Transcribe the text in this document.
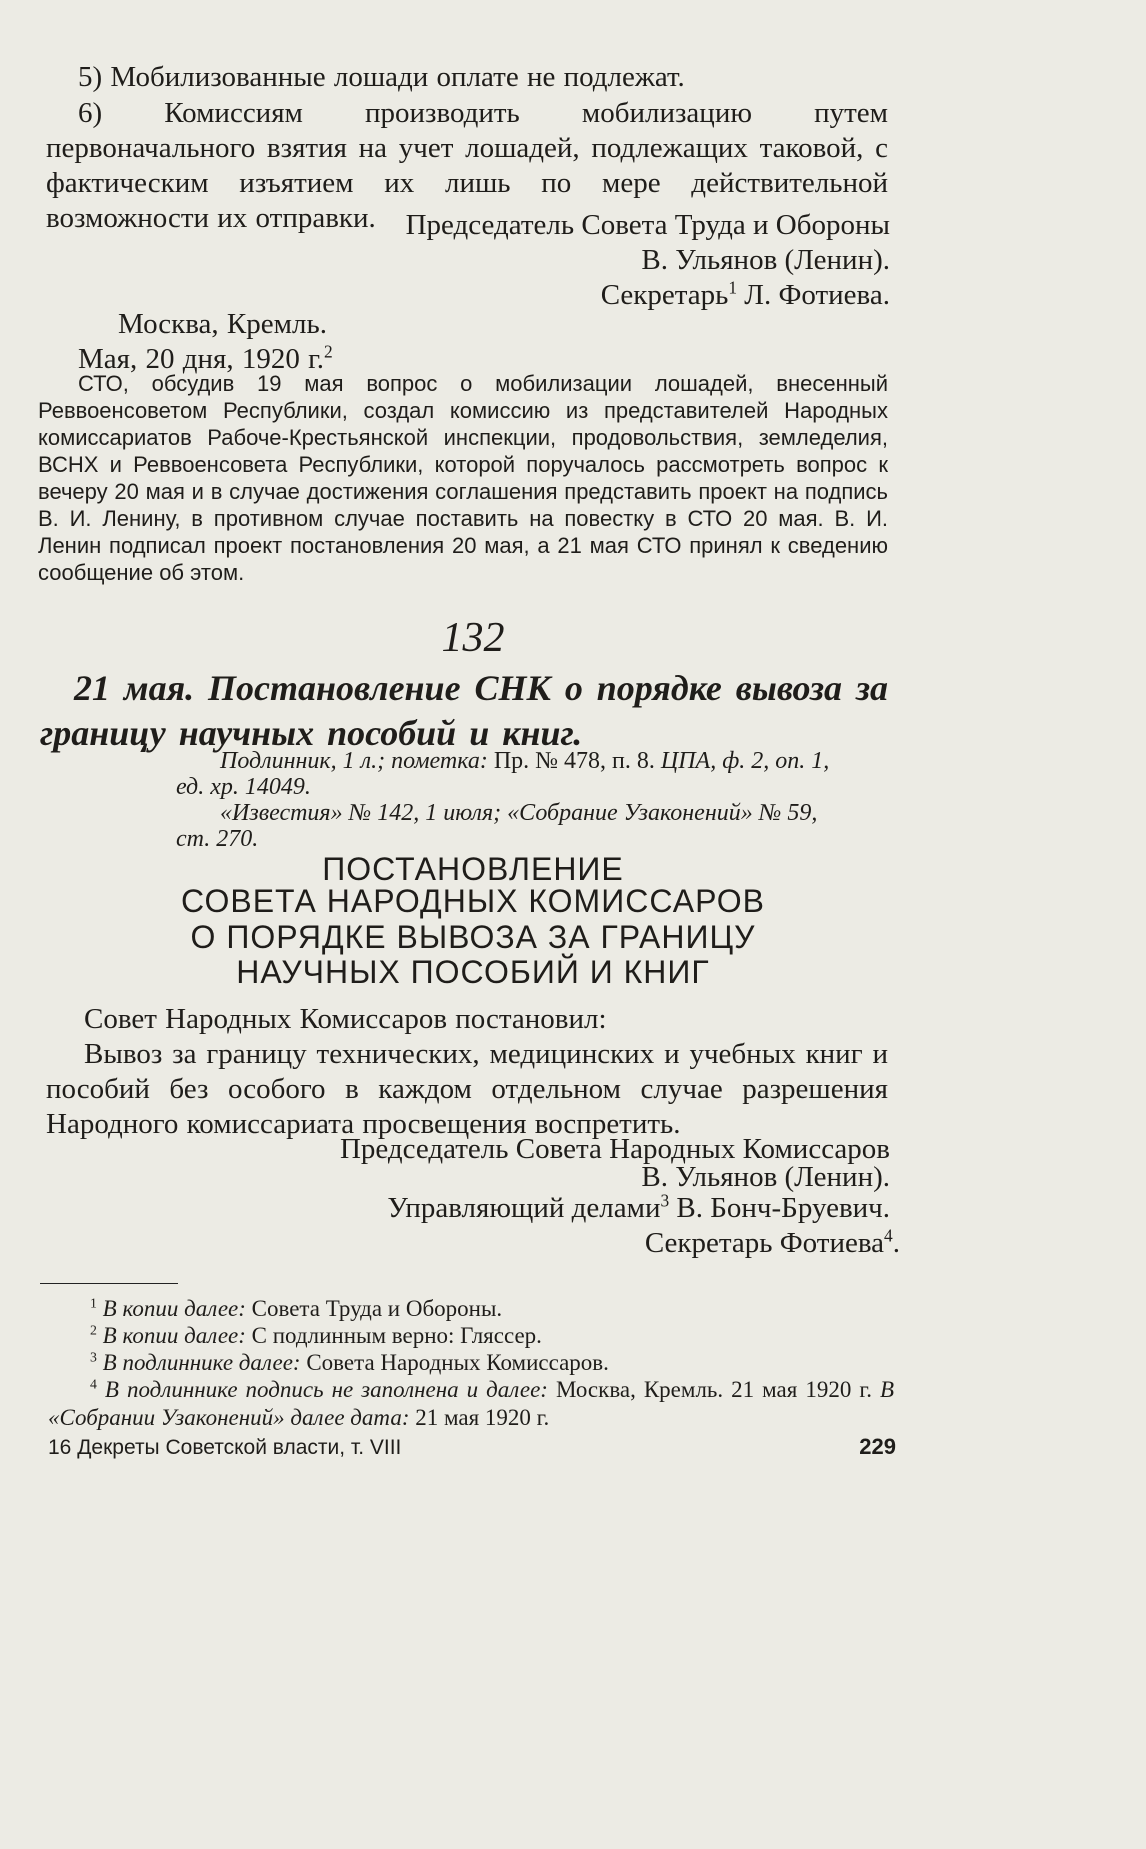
5) Мобилизованные лошади оплате не подлежат.

6) Комиссиям производить мобилизацию путем первоначального взятия на учет лошадей, подлежащих таковой, с фактическим изъятием их лишь по мере действительной возможности их отправки.	Председатель Совета Труда и Обороны
В. Ульянов (Ленин).
Секретарь$^1$ Л. Фотиева.
Москва, Кремль.
Мая, 20 дня, 1920 г.$^2$

СТО, обсудив 19 мая вопрос о мобилизации лошадей, внесенный Реввоенсоветом Республики, создал комиссию из представителей Народных комиссариатов Рабоче-Крестьянской инспекции, продовольствия, земледелия, ВСНХ и Реввоенсовета Республики, которой поручалось рассмотреть вопрос к вечеру 20 мая и в случае достижения соглашения представить проект на подпись В. И. Ленину, в противном случае поставить на повестку в СТО 20 мая. В. И. Ленин подписал проект постановления 20 мая, а 21 мая СТО принял к сведению сообщение об этом.

132

21 мая. Постановление СНК о порядке вывоза за границу научных пособий и книг.

Подлинник, 1 л.; пометка: Пр. № 478, п. 8. ЦПА, ф. 2, оп. 1,
ед. хр. 14049.
«Известия» № 142, 1 июля; «Собрание Узаконений» № 59,
ст. 270.
ПОСТАНОВЛЕНИЕ
СОВЕТА НАРОДНЫХ КОМИССАРОВ
О ПОРЯДКЕ ВЫВОЗА ЗА ГРАНИЦУ
НАУЧНЫХ ПОСОБИЙ И КНИГ
Совет Народных Комиссаров постановил:

Вывоз за границу технических, медицинских и учебных книг и пособий без особого в каждом отдельном случае разрешения Народного комиссариата просвещения воспретить.

Председатель Совета Народных Комиссаров
В. Ульянов (Ленин).
Управляющий делами$^3$ В. Бонч-Бруевич.
Секретарь Фотиева$^4$.
$^1$ В копии далее: Совета Труда и Обороны.
$^2$ В копии далее: С подлинным верно: Гляссер.
$^3$ В подлиннике далее: Совета Народных Комиссаров.
$^4$ В подлиннике подпись не заполнена и далее: Москва, Кремль. 21 мая 1920 г. В «Собрании Узаконений» далее дата: 21 мая 1920 г.
16 Декреты Советской власти, т. VIII	229
